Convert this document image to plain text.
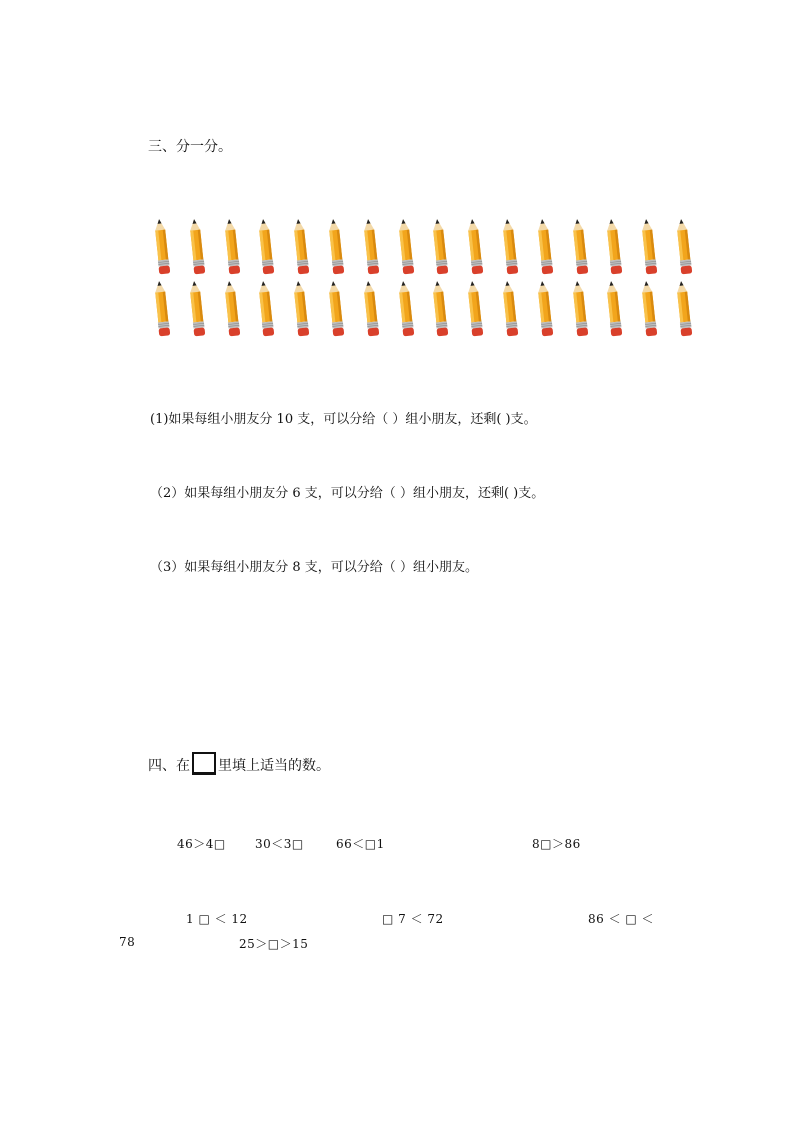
三、分一分。
(1)如果每组小朋友分 10 支，可以分给（ ）组小朋友，还剩( )支。
（2）如果每组小朋友分 6 支，可以分给（ ）组小朋友，还剩( )支。
（3）如果每组小朋友分 8 支，可以分给（ ）组小朋友。
四、在 里填上适当的数。
46＞4□ 30＜3□	66＜□1	8□＞86
1 □ ＜ 12	□ 7 ＜ 72	86 ＜ □ ＜
78	25＞□＞15
